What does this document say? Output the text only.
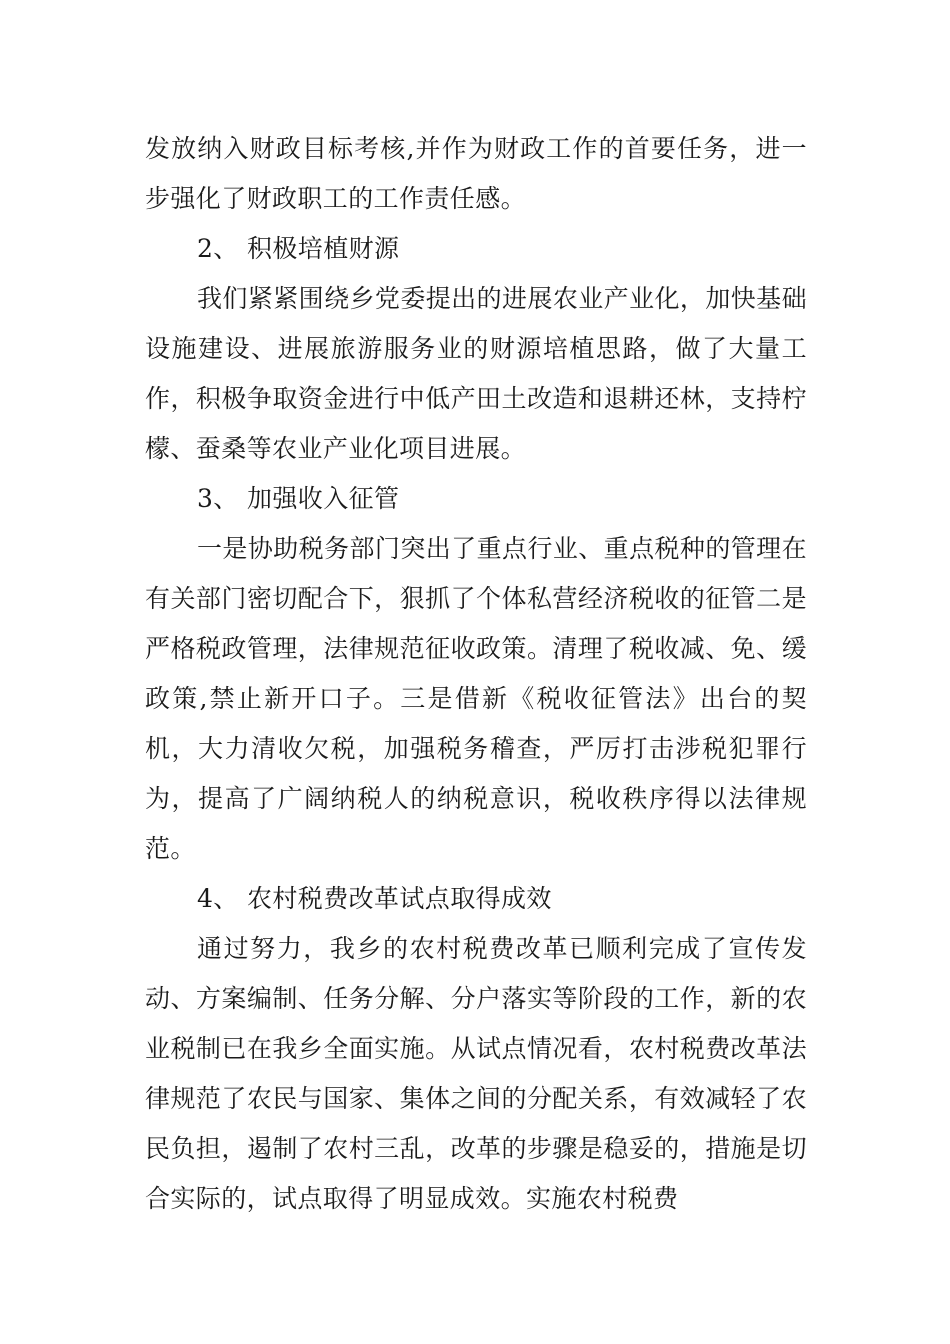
发放纳入财政目标考核,并作为财政工作的首要任务，进一步强化了财政职工的工作责任感。

2、 积极培植财源

我们紧紧围绕乡党委提出的进展农业产业化，加快基础设施建设、进展旅游服务业的财源培植思路，做了大量工作，积极争取资金进行中低产田土改造和退耕还林，支持柠檬、蚕桑等农业产业化项目进展。

3、 加强收入征管

一是协助税务部门突出了重点行业、重点税种的管理在有关部门密切配合下，狠抓了个体私营经济税收的征管二是严格税政管理，法律规范征收政策。清理了税收减、免、缓政策,禁止新开口子。三是借新《税收征管法》出台的契机，大力清收欠税，加强税务稽查，严厉打击涉税犯罪行为，提高了广阔纳税人的纳税意识，税收秩序得以法律规范。

4、 农村税费改革试点取得成效

通过努力，我乡的农村税费改革已顺利完成了宣传发动、方案编制、任务分解、分户落实等阶段的工作，新的农业税制已在我乡全面实施。从试点情况看，农村税费改革法律规范了农民与国家、集体之间的分配关系，有效减轻了农民负担，遏制了农村三乱，改革的步骤是稳妥的，措施是切合实际的，试点取得了明显成效。实施农村税费
